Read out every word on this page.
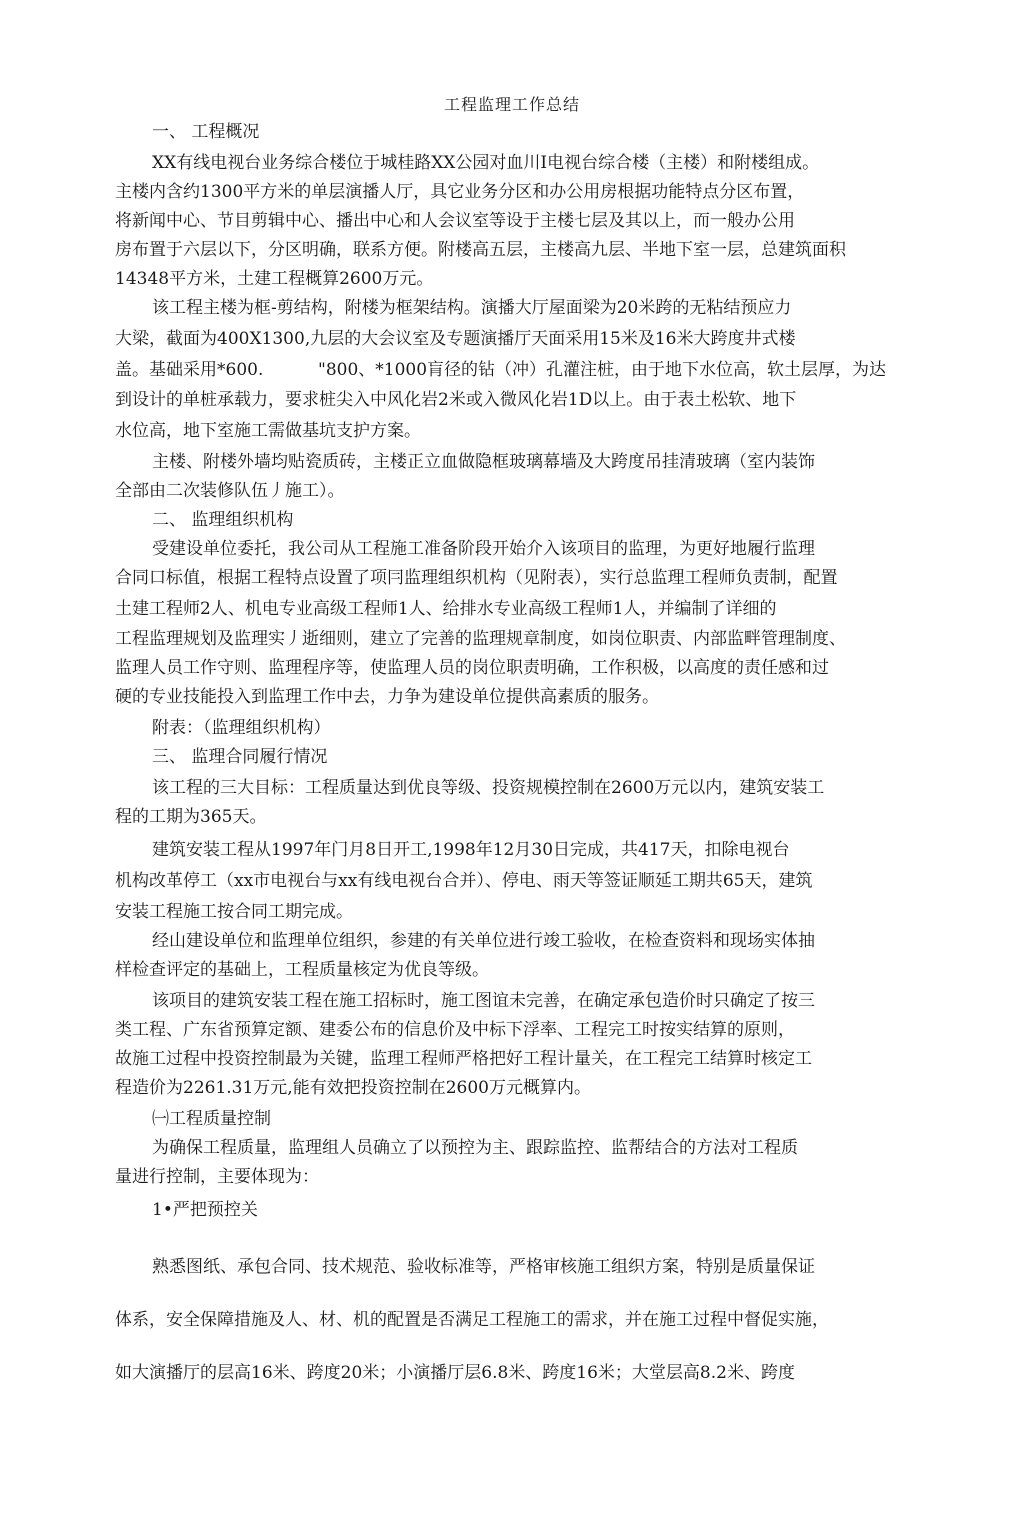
工程监理工作总结
一、 工程概况
XX有线电视台业务综合楼位于城桂路XX公园对血川I电视台综合楼（主楼）和附楼组成。
主楼内含约1300平方米的单层演播人厅，具它业务分区和办公用房根据功能特点分区布置，
将新闻中心、节目剪辑中心、播出中心和人会议室等设于主楼七层及其以上，而一般办公用
房布置于六层以下，分区明确，联系方便。附楼高五层，主楼高九层、半地下室一层，总建筑面积
14348平方米，土建工程概算2600万元。
该工程主楼为框-剪结构，附楼为框架结构。演播大厅屋面梁为20米跨的无粘结预应力
大梁，截面为400X1300,九层的大会议室及专题演播厅天面采用15米及16米大跨度井式楼
盖。基础采用*600.	"800、*1000肓径的钻（冲）孔灌注桩，由于地下水位高，软土层厚，为达
到设计的单桩承载力，要求桩尖入中风化岩2米或入微风化岩1D以上。由于表土松软、地下
水位高，地下室施工需做基坑支护方案。
主楼、附楼外墙均贴瓷质砖，主楼正立血做隐框玻璃幕墙及大跨度吊挂清玻璃（室内装饰
全部由二次装修队伍丿施工）。
二、 监理组织机构
受建设单位委托，我公司从工程施工准备阶段开始介入该项目的监理，为更好地履行监理
合同口标值，根据工程特点设置了项冃监理组织机构（见附表），实行总监理工程师负责制，配置
土建工程师2人、机电专业高级工程师1人、给排水专业高级工程师1人，并编制了详细的
工程监理规划及监理实丿逝细则，建立了完善的监理规章制度，如岗位职责、内部监畔管理制度、
监理人员工作守则、监理程序等，使监理人员的岗位职责明确，工作积极，以高度的责任感和过
硬的专业技能投入到监理工作中去，力争为建设单位提供高素质的服务。
附表：（监理组织机构）
三、 监理合同履行情况
该工程的三大目标：工程质量达到优良等级、投资规模控制在2600万元以内，建筑安装工
程的工期为365天。
建筑安装工程从1997年门月8日开工,1998年12月30日完成，共417天，扣除电视台
机构改革停工（xx市电视台与xx有线电视台合并）、停电、雨天等签证顺延工期共65天，建筑
安装工程施工按合同工期完成。
经山建设单位和监理单位组织，参建的有关单位进行竣工验收，在检查资料和现场实体抽
样检查评定的基础上，工程质量核定为优良等级。
该项目的建筑安装工程在施工招标时，施工图谊未完善，在确定承包造价时只确定了按三
类工程、广东省预算定额、建委公布的信息价及中标下浮率、工程完工时按实结算的原则，
故施工过程中投资控制最为关键，监理工程师严格把好工程计量关，在工程完工结算时核定工
程造价为2261.31万元,能有效把投资控制在2600万元概算内。
㈠工程质量控制
为确保工程质量，监理组人员确立了以预控为主、跟踪监控、监帮结合的方法对工程质
量进行控制，主要体现为：
1•严把预控关
熟悉图纸、承包合同、技术规范、验收标准等，严格审核施工组织方案，特别是质量保证
体系，安全保障措施及人、材、机的配置是否满足工程施工的需求，并在施工过程中督促实施，
如大演播厅的层高16米、跨度20米；小演播厅层6.8米、跨度16米；大堂层高8.2米、跨度
